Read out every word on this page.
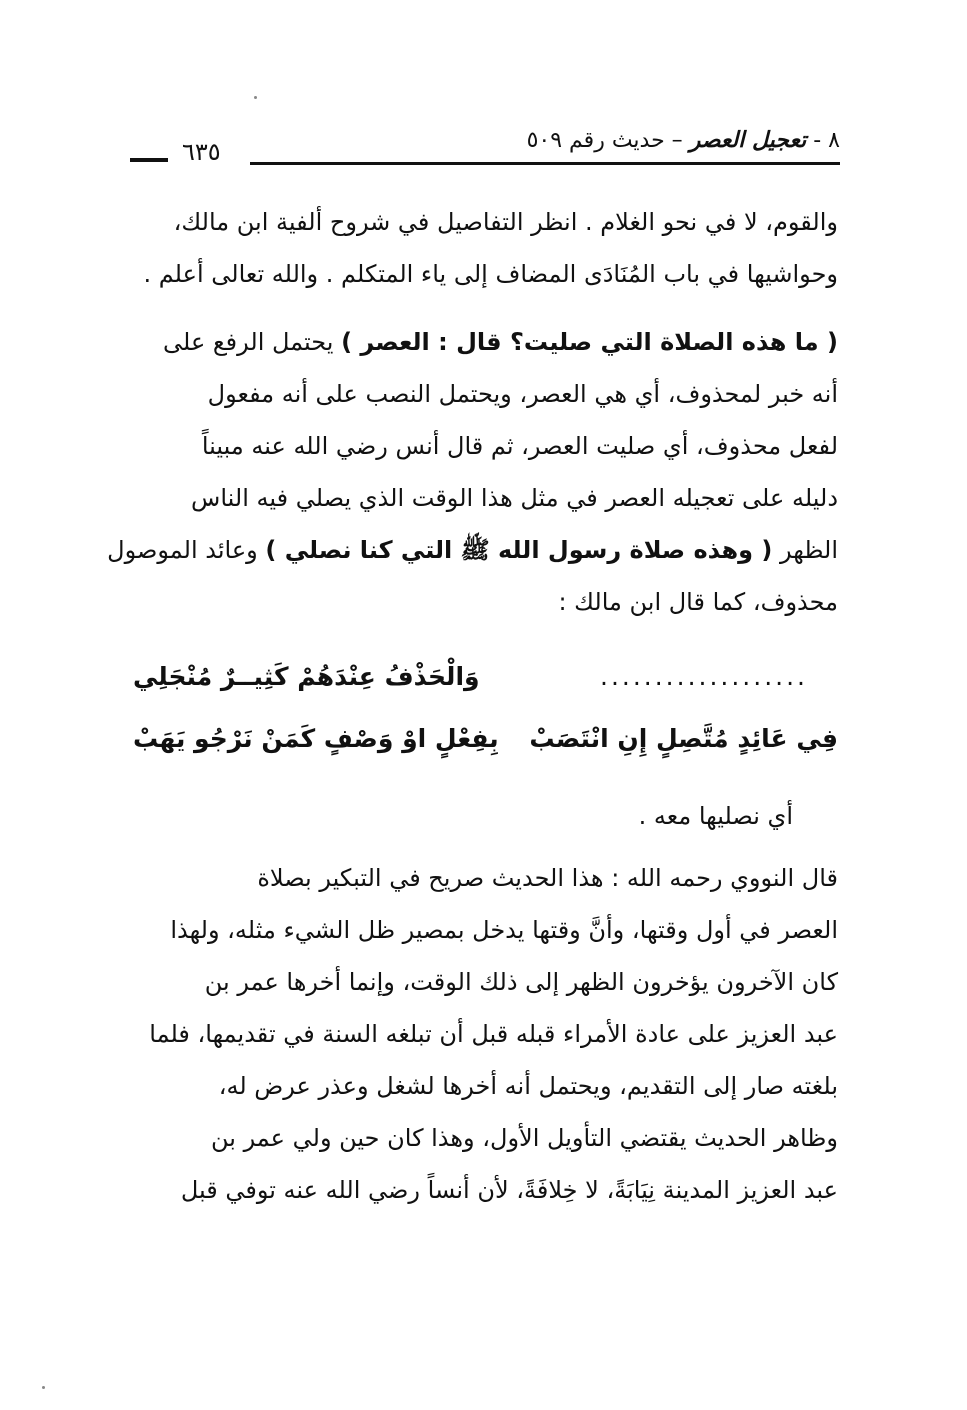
٨ - تعجيل العصر – حديث رقم ٥٠٩
٦٣٥
والقوم، لا في نحو الغلام . انظر التفاصيل في شروح ألفية ابن مالك،
وحواشيها في باب المُنَادَى المضاف إلى ياء المتكلم . والله تعالى أعلم .
( ما هذه الصلاة التي صليت؟ قال : العصر ) يحتمل الرفع على
أنه خبر لمحذوف، أي هي العصر، ويحتمل النصب على أنه مفعول
لفعل محذوف، أي صليت العصر، ثم قال أنس رضي الله عنه مبيناً
دليله على تعجيله العصر في مثل هذا الوقت الذي يصلي فيه الناس
الظهر ( وهذه صلاة رسول الله ﷺ التي كنا نصلي ) وعائد الموصول
محذوف، كما قال ابن مالك :
...................
وَالْحَذْفُ عِنْدَهُمْ كَثِيــرٌ مُنْجَلِي
فِي عَائِدٍ مُتَّصِلٍ إِنِ انْتَصَبْ
بِفِعْلٍ اوْ وَصْفٍ كَمَنْ نَرْجُو يَهَبْ
أي نصليها معه .
قال النووي رحمه الله : هذا الحديث صريح في التبكير بصلاة
العصر في أول وقتها، وأنَّ وقتها يدخل بمصير ظل الشيء مثله، ولهذا
كان الآخرون يؤخرون الظهر إلى ذلك الوقت، وإنما أخرها عمر بن
عبد العزيز على عادة الأمراء قبله قبل أن تبلغه السنة في تقديمها، فلما
بلغته صار إلى التقديم، ويحتمل أنه أخرها لشغل وعذر عرض له،
وظاهر الحديث يقتضي التأويل الأول، وهذا كان حين ولي عمر بن
عبد العزيز المدينة نِيَابَةً، لا خِلافَةً، لأن أنساً رضي الله عنه توفي قبل
